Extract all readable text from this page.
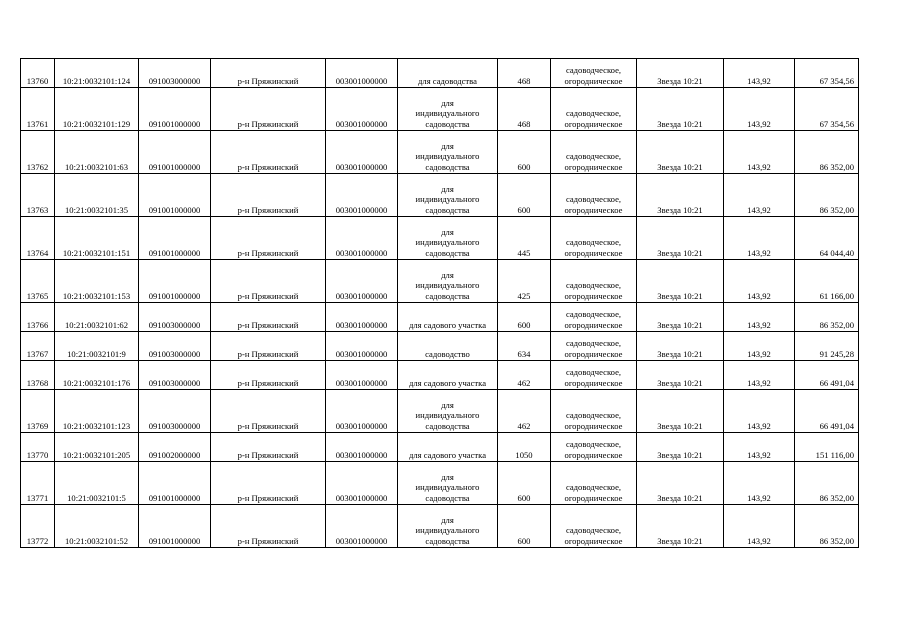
13760	10:21:0032101:124	091003000000	р-н Пряжинский	003001000000	для садоводства	468	садоводческое,
огородническое	Звезда 10:21	143,92	67 354,56
13761	10:21:0032101:129	091001000000	р-н Пряжинский	003001000000	для
индивидуального
садоводства	468	садоводческое,
огородническое	Звезда 10:21	143,92	67 354,56
13762	10:21:0032101:63	091001000000	р-н Пряжинский	003001000000	для
индивидуального
садоводства	600	садоводческое,
огородническое	Звезда 10:21	143,92	86 352,00
13763	10:21:0032101:35	091001000000	р-н Пряжинский	003001000000	для
индивидуального
садоводства	600	садоводческое,
огородническое	Звезда 10:21	143,92	86 352,00
13764	10:21:0032101:151	091001000000	р-н Пряжинский	003001000000	для
индивидуального
садоводства	445	садоводческое,
огородническое	Звезда 10:21	143,92	64 044,40
13765	10:21:0032101:153	091001000000	р-н Пряжинский	003001000000	для
индивидуального
садоводства	425	садоводческое,
огородническое	Звезда 10:21	143,92	61 166,00
13766	10:21:0032101:62	091003000000	р-н Пряжинский	003001000000	для садового участка	600	садоводческое,
огородническое	Звезда 10:21	143,92	86 352,00
13767	10:21:0032101:9	091003000000	р-н Пряжинский	003001000000	садоводство	634	садоводческое,
огородническое	Звезда 10:21	143,92	91 245,28
13768	10:21:0032101:176	091003000000	р-н Пряжинский	003001000000	для садового участка	462	садоводческое,
огородническое	Звезда 10:21	143,92	66 491,04
13769	10:21:0032101:123	091003000000	р-н Пряжинский	003001000000	для
индивидуального
садоводства	462	садоводческое,
огородническое	Звезда 10:21	143,92	66 491,04
13770	10:21:0032101:205	091002000000	р-н Пряжинский	003001000000	для садового участка	1050	садоводческое,
огородническое	Звезда 10:21	143,92	151 116,00
13771	10:21:0032101:5	091001000000	р-н Пряжинский	003001000000	для
индивидуального
садоводства	600	садоводческое,
огородническое	Звезда 10:21	143,92	86 352,00
13772	10:21:0032101:52	091001000000	р-н Пряжинский	003001000000	для
индивидуального
садоводства	600	садоводческое,
огородническое	Звезда 10:21	143,92	86 352,00
